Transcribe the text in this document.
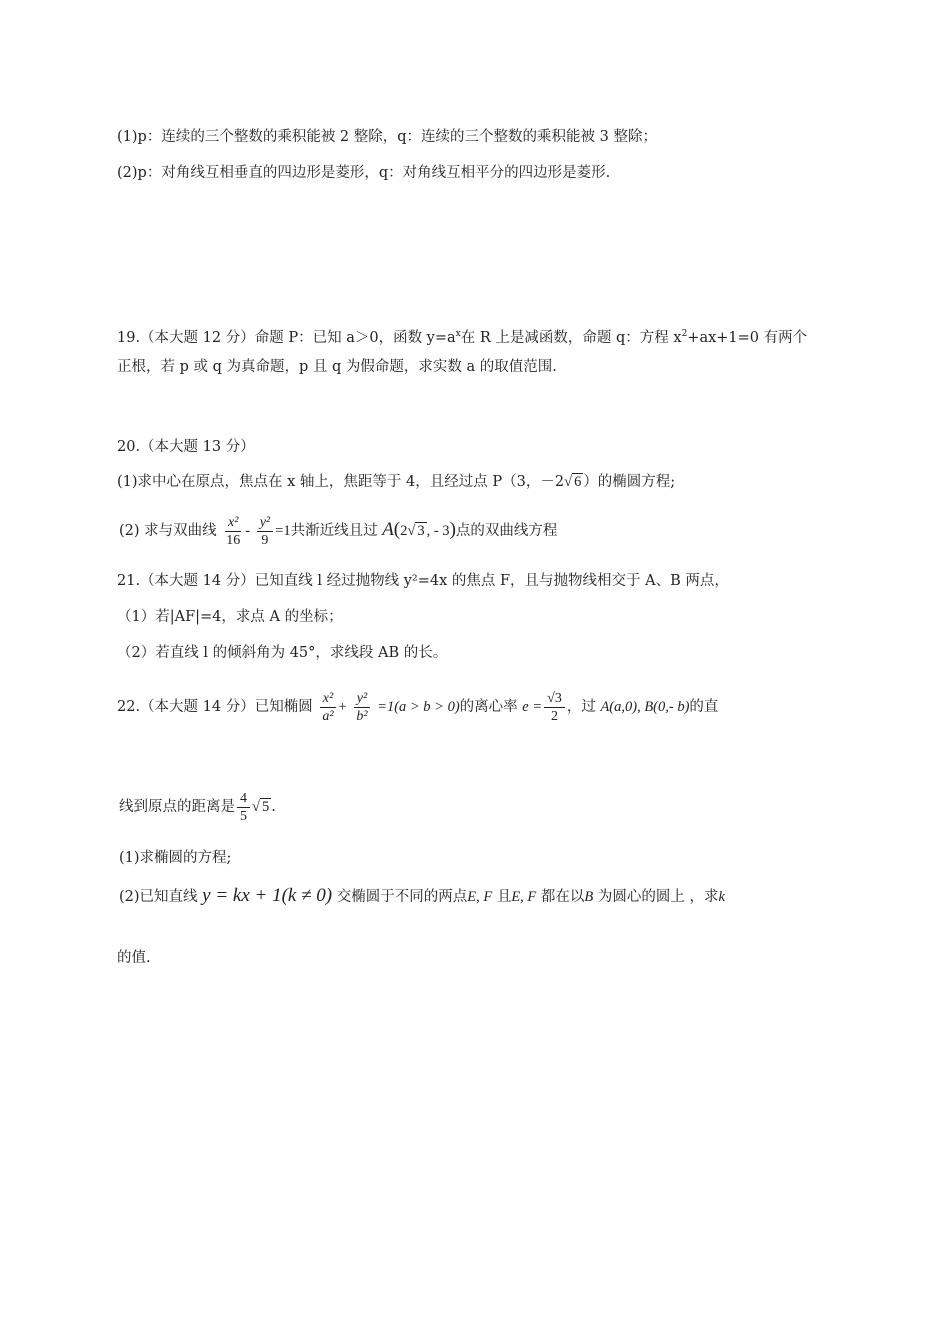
(1)p：连续的三个整数的乘积能被 2 整除，q：连续的三个整数的乘积能被 3 整除；
(2)p：对角线互相垂直的四边形是菱形，q：对角线互相平分的四边形是菱形.
19.（本大题 12 分）命题 P：已知 a＞0，函数 $y=a^x$在 R 上是减函数，命题 q：方程 $x^2+ax+1=0$ 有两个
正根，若 p 或 q 为真命题，p 且 q 为假命题，求实数 a 的取值范围.
20.（本大题 13 分）
(1)求中心在原点，焦点在 x 轴上，焦距等于 4，且经过点 P（3，－2√ 6 ）的椭圆方程;
(2) 求与双曲线 $\frac{\text{x²}}{16} - \frac{\text{y²}}{9} =1$共渐近线且过 A(2√ 3 , - 3)点的双曲线方程
21.（本大题 14 分）已知直线 l 经过抛物线 y²=4x 的焦点 F，且与抛物线相交于 A、B 两点，
（1）若|AF|=4，求点 A 的坐标；
（2）若直线 l 的倾斜角为 45°，求线段 AB 的长。
22.（本大题 14 分）已知椭圆 $\frac{\text{x²}}{\text{a²}} + \frac{\text{y²}}{\text{b²}} =1(a > b > 0)$的离心率 $e = \frac{√3}{2}$ ，过 A(a,0), B(0,- b)的直
线到原点的距离是 $\frac{4}{5}$ √ 5 .
(1)求椭圆的方程;
(2)已知直线 y = kx + 1(k ≠ 0) 交椭圆于不同的两点E, F 且E, F 都在以B 为圆心的圆上 ，求k
的值.
